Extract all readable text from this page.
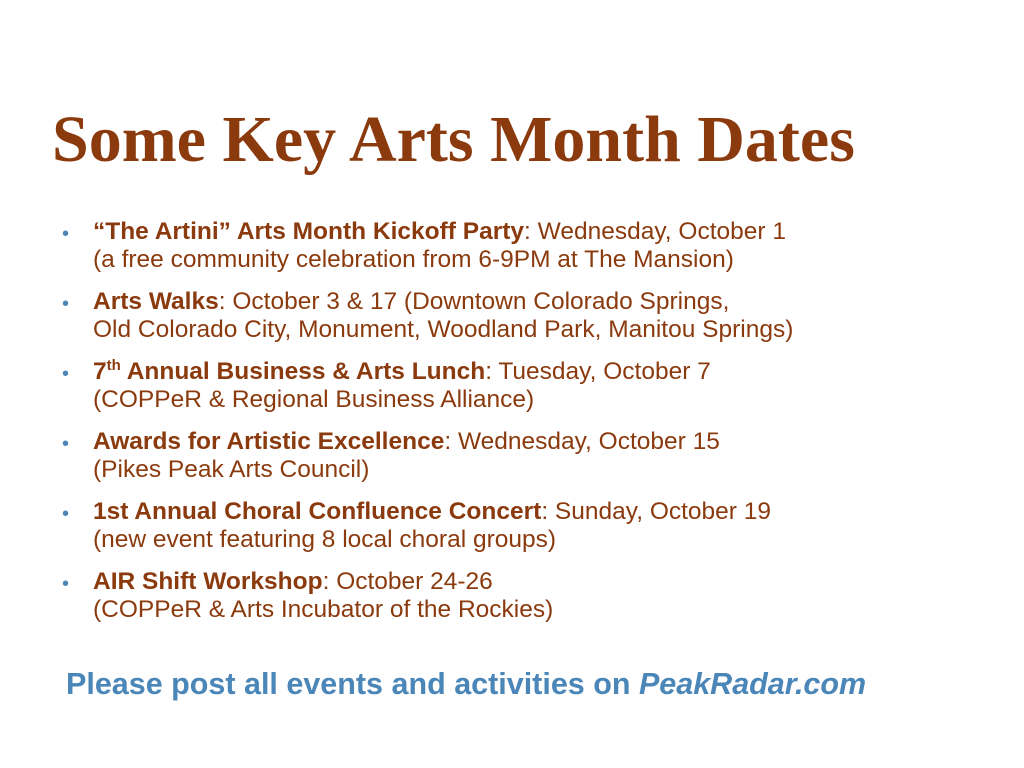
Some Key Arts Month Dates
• “The Artini” Arts Month Kickoff Party: Wednesday, October 1
(a free community celebration from 6-9PM at The Mansion)
• Arts Walks: October 3 & 17 (Downtown Colorado Springs,
Old Colorado City, Monument, Woodland Park, Manitou Springs)
• 7th Annual Business & Arts Lunch: Tuesday, October 7
(COPPeR & Regional Business Alliance)
• Awards for Artistic Excellence: Wednesday, October 15
(Pikes Peak Arts Council)
• 1st Annual Choral Confluence Concert: Sunday, October 19
(new event featuring 8 local choral groups)
• AIR Shift Workshop: October 24-26
(COPPeR & Arts Incubator of the Rockies)

Please post all events and activities on PeakRadar.com
